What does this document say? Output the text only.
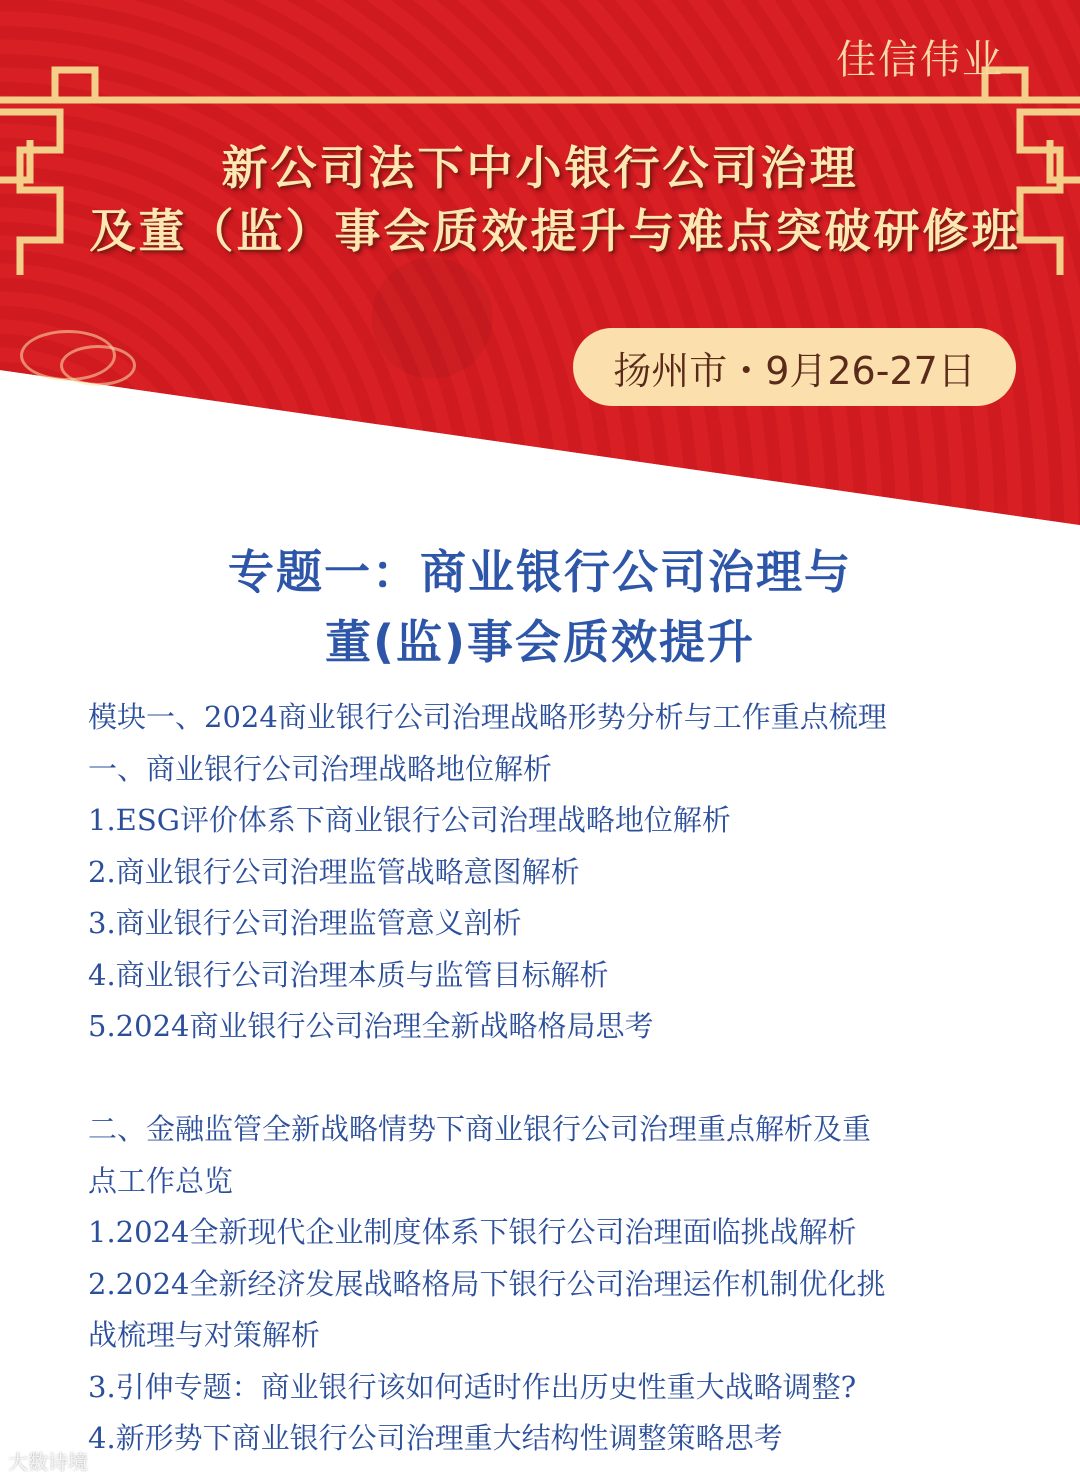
佳信伟业
新公司法下中小银行公司治理
及董（监）事会质效提升与难点突破研修班
扬州市・9月26-27日
专题一：商业银行公司治理与
董(监)事会质效提升

模块一、2024商业银行公司治理战略形势分析与工作重点梳理

一、商业银行公司治理战略地位解析

1.ESG评价体系下商业银行公司治理战略地位解析

2.商业银行公司治理监管战略意图解析

3.商业银行公司治理监管意义剖析

4.商业银行公司治理本质与监管目标解析

5.2024商业银行公司治理全新战略格局思考

二、金融监管全新战略情势下商业银行公司治理重点解析及重

点工作总览

1.2024全新现代企业制度体系下银行公司治理面临挑战解析

2.2024全新经济发展战略格局下银行公司治理运作机制优化挑

战梳理与对策解析

3.引伸专题：商业银行该如何适时作出历史性重大战略调整?

4.新形势下商业银行公司治理重大结构性调整策略思考

大数诗境
